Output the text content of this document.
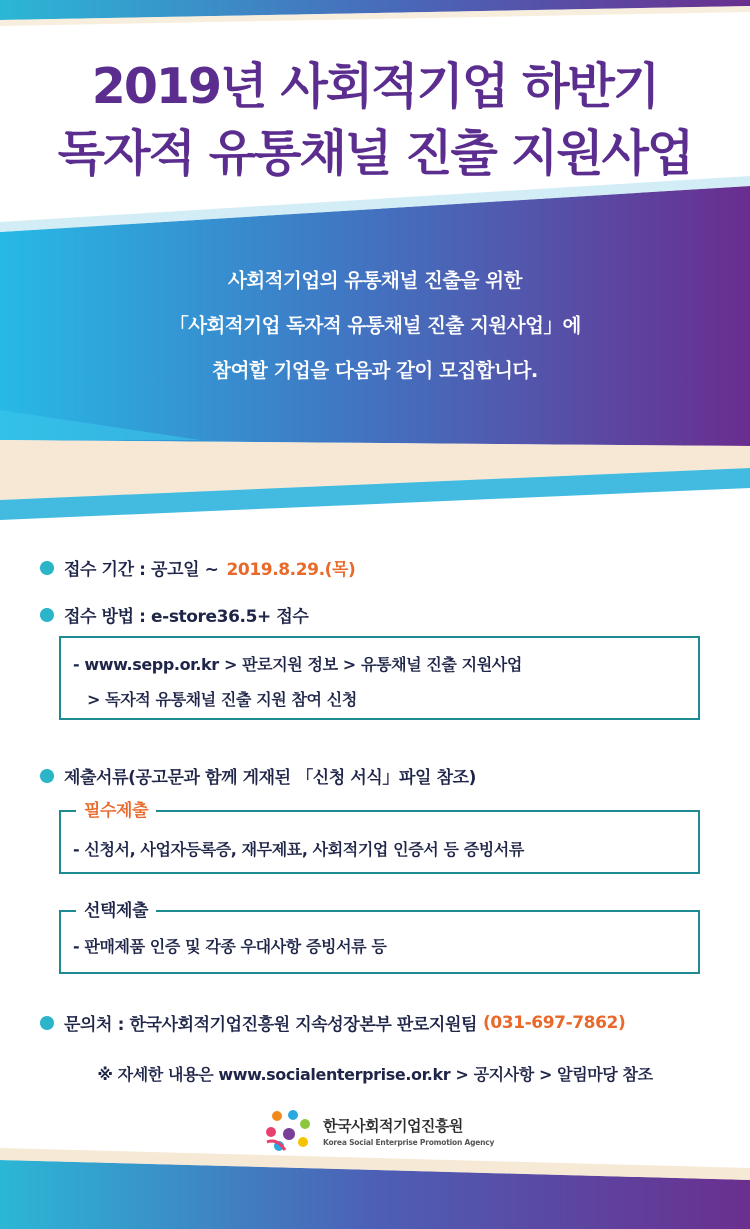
2019년 사회적기업 하반기
독자적 유통채널 진출 지원사업
사회적기업의 유통채널 진출을 위한
「사회적기업 독자적 유통채널 진출 지원사업」에
참여할 기업을 다음과 같이 모집합니다.
접수 기간 : 공고일 ~ 2019.8.29.(목)
접수 방법 : e-store36.5+ 접수
- www.sepp.or.kr > 판로지원 정보 > 유통채널 진출 지원사업
> 독자적 유통채널 진출 지원 참여 신청
제출서류(공고문과 함께 게재된 「신청 서식」파일 참조)
필수제출
- 신청서, 사업자등록증, 재무제표, 사회적기업 인증서 등 증빙서류
선택제출
- 판매제품 인증 및 각종 우대사항 증빙서류 등
문의처 : 한국사회적기업진흥원 지속성장본부 판로지원팀 (031-697-7862)
※ 자세한 내용은 www.socialenterprise.or.kr > 공지사항 > 알림마당 참조
한국사회적기업진흥원
Korea Social Enterprise Promotion Agency
